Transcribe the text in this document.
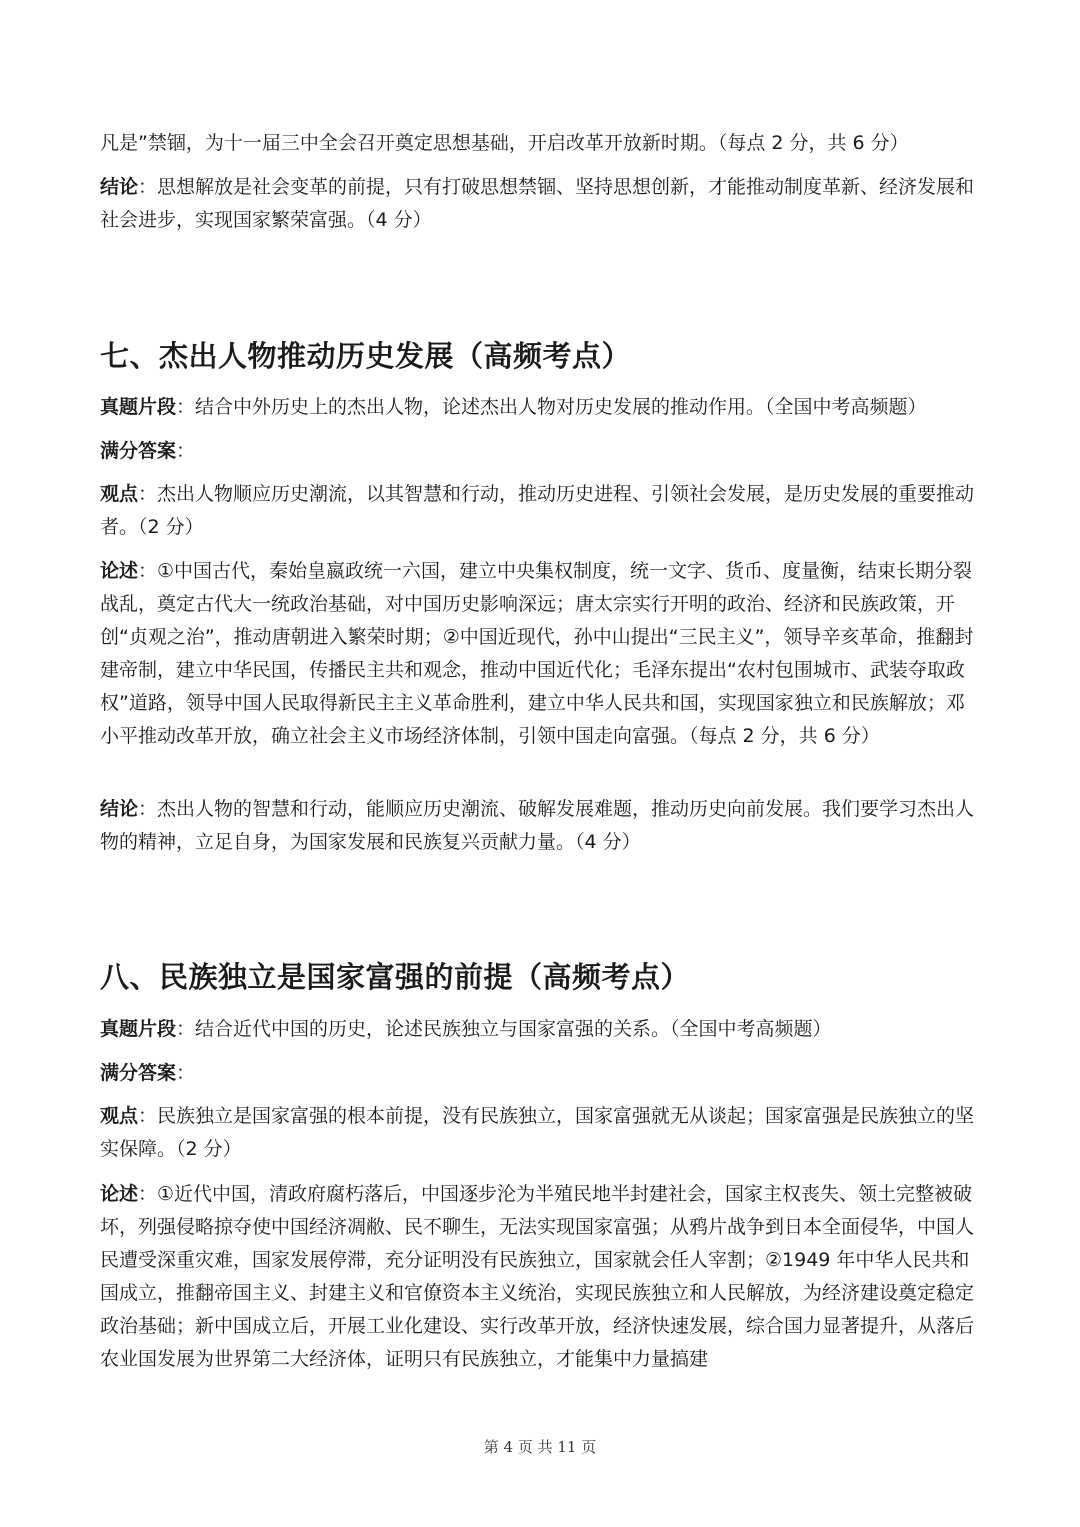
凡是”禁锢，为十一届三中全会召开奠定思想基础，开启改革开放新时期。（每点 2 分，共 6 分）

结论：思想解放是社会变革的前提，只有打破思想禁锢、坚持思想创新，才能推动制度革新、经济发展和社会进步，实现国家繁荣富强。（4 分）

七、杰出人物推动历史发展（高频考点）

真题片段：结合中外历史上的杰出人物，论述杰出人物对历史发展的推动作用。（全国中考高频题）

满分答案：

观点：杰出人物顺应历史潮流，以其智慧和行动，推动历史进程、引领社会发展，是历史发展的重要推动者。（2 分）

论述：①中国古代，秦始皇嬴政统一六国，建立中央集权制度，统一文字、货币、度量衡，结束长期分裂战乱，奠定古代大一统政治基础，对中国历史影响深远；唐太宗实行开明的政治、经济和民族政策，开创“贞观之治”，推动唐朝进入繁荣时期；②中国近现代，孙中山提出“三民主义”，领导辛亥革命，推翻封建帝制，建立中华民国，传播民主共和观念，推动中国近代化；毛泽东提出“农村包围城市、武装夺取政权”道路，领导中国人民取得新民主主义革命胜利，建立中华人民共和国，实现国家独立和民族解放；邓小平推动改革开放，确立社会主义市场经济体制，引领中国走向富强。（每点 2 分，共 6 分）

结论：杰出人物的智慧和行动，能顺应历史潮流、破解发展难题，推动历史向前发展。我们要学习杰出人物的精神，立足自身，为国家发展和民族复兴贡献力量。（4 分）

八、民族独立是国家富强的前提（高频考点）

真题片段：结合近代中国的历史，论述民族独立与国家富强的关系。（全国中考高频题）

满分答案：

观点：民族独立是国家富强的根本前提，没有民族独立，国家富强就无从谈起；国家富强是民族独立的坚实保障。（2 分）

论述：①近代中国，清政府腐朽落后，中国逐步沦为半殖民地半封建社会，国家主权丧失、领土完整被破坏，列强侵略掠夺使中国经济凋敝、民不聊生，无法实现国家富强；从鸦片战争到日本全面侵华，中国人民遭受深重灾难，国家发展停滞，充分证明没有民族独立，国家就会任人宰割；②1949 年中华人民共和国成立，推翻帝国主义、封建主义和官僚资本主义统治，实现民族独立和人民解放，为经济建设奠定稳定政治基础；新中国成立后，开展工业化建设、实行改革开放，经济快速发展，综合国力显著提升，从落后农业国发展为世界第二大经济体，证明只有民族独立，才能集中力量搞建

第 4 页 共 11 页
